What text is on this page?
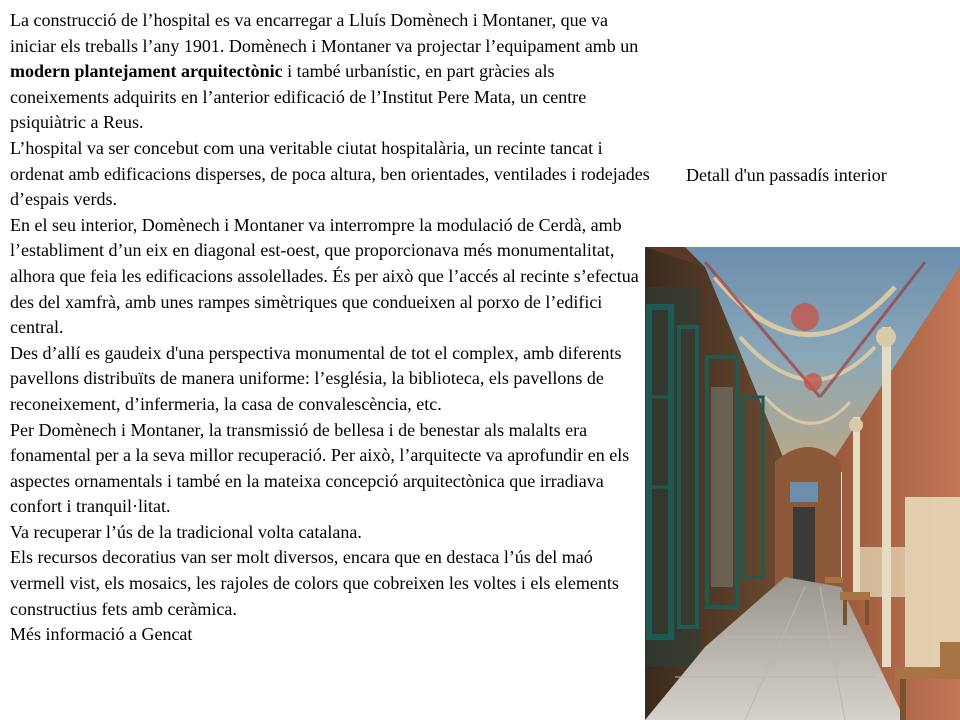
La construcció de l’hospital es va encarregar a Lluís Domènech i Montaner, que va iniciar els treballs l’any 1901. Domènech i Montaner va projectar l’equipament amb un modern plantejament arquitectònic i també urbanístic, en part gràcies als coneixements adquirits en l’anterior edificació de l’Institut Pere Mata, un centre psiquiàtric a Reus.

L’hospital va ser concebut com una veritable ciutat hospitalària, un recinte tancat i ordenat amb edificacions disperses, de poca altura, ben orientades, ventilades i rodejades d’espais verds.

En el seu interior, Domènech i Montaner va interrompre la modulació de Cerdà, amb l’establiment d’un eix en diagonal est-oest, que proporcionava més monumentalitat, alhora que feia les edificacions assolellades. És per això que l’accés al recinte s’efectua des del xamfrà, amb unes rampes simètriques que condueixen al porxo de l’edifici central.

Des d’allí es gaudeix d'una perspectiva monumental de tot el complex, amb diferents pavellons distribuïts de manera uniforme: l’església, la biblioteca, els pavellons de reconeixement, d’infermeria, la casa de convalescència, etc.

Per Domènech i Montaner, la transmissió de bellesa i de benestar als malalts era fonamental per a la seva millor recuperació. Per això, l’arquitecte va aprofundir en els aspectes ornamentals i també en la mateixa concepció arquitectònica que irradiava confort i tranquil·litat.

Va recuperar l’ús de la tradicional volta catalana.

Els recursos decoratius van ser molt diversos, encara que en destaca l’ús del maó vermell vist, els mosaics, les rajoles de colors que cobreixen les voltes i els elements constructius fets amb ceràmica.

Més informació a Gencat

Detall d'un passadís interior
